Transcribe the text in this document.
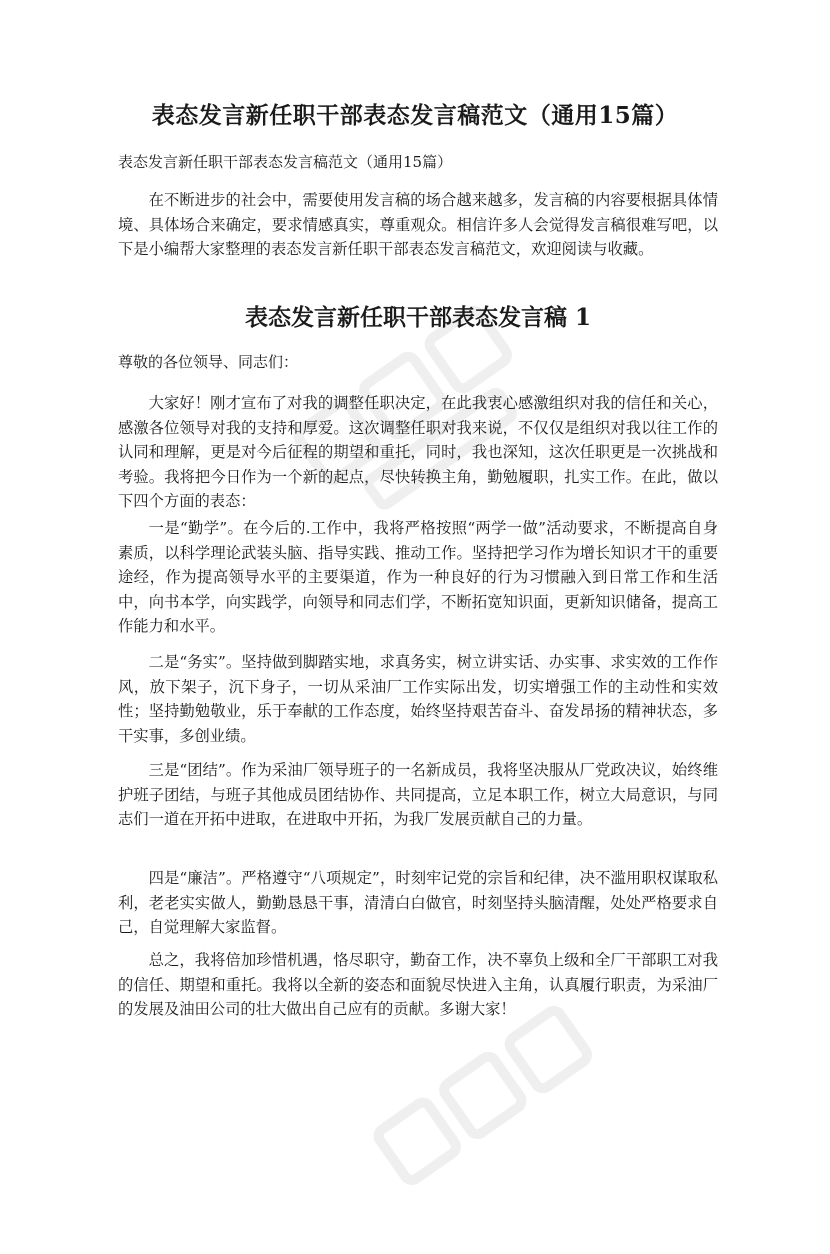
表态发言新任职干部表态发言稿范文（通用15篇）

表态发言新任职干部表态发言稿范文（通用15篇）

在不断进步的社会中，需要使用发言稿的场合越来越多，发言稿的内容要根据具体情境、具体场合来确定，要求情感真实，尊重观众。相信许多人会觉得发言稿很难写吧，以下是小编帮大家整理的表态发言新任职干部表态发言稿范文，欢迎阅读与收藏。

表态发言新任职干部表态发言稿 1

尊敬的各位领导、同志们：

大家好！刚才宣布了对我的调整任职决定，在此我衷心感激组织对我的信任和关心，感激各位领导对我的支持和厚爱。这次调整任职对我来说，不仅仅是组织对我以往工作的认同和理解，更是对今后征程的期望和重托，同时，我也深知，这次任职更是一次挑战和考验。我将把今日作为一个新的起点，尽快转换主角，勤勉履职，扎实工作。在此，做以下四个方面的表态：

一是“勤学”。在今后的.工作中，我将严格按照“两学一做”活动要求，不断提高自身素质，以科学理论武装头脑、指导实践、推动工作。坚持把学习作为增长知识才干的重要途经，作为提高领导水平的主要渠道，作为一种良好的行为习惯融入到日常工作和生活中，向书本学，向实践学，向领导和同志们学，不断拓宽知识面，更新知识储备，提高工作能力和水平。

二是“务实”。坚持做到脚踏实地，求真务实，树立讲实话、办实事、求实效的工作作风，放下架子，沉下身子，一切从采油厂工作实际出发，切实增强工作的主动性和实效性；坚持勤勉敬业，乐于奉献的工作态度，始终坚持艰苦奋斗、奋发昂扬的精神状态，多干实事，多创业绩。

三是“团结”。作为采油厂领导班子的一名新成员，我将坚决服从厂党政决议，始终维护班子团结，与班子其他成员团结协作、共同提高，立足本职工作，树立大局意识，与同志们一道在开拓中进取，在进取中开拓，为我厂发展贡献自己的力量。

四是“廉洁”。严格遵守“八项规定”，时刻牢记党的宗旨和纪律，决不滥用职权谋取私利，老老实实做人，勤勤恳恳干事，清清白白做官，时刻坚持头脑清醒，处处严格要求自己，自觉理解大家监督。

总之，我将倍加珍惜机遇，恪尽职守，勤奋工作，决不辜负上级和全厂干部职工对我的信任、期望和重托。我将以全新的姿态和面貌尽快进入主角，认真履行职责，为采油厂的发展及油田公司的壮大做出自己应有的贡献。多谢大家！
